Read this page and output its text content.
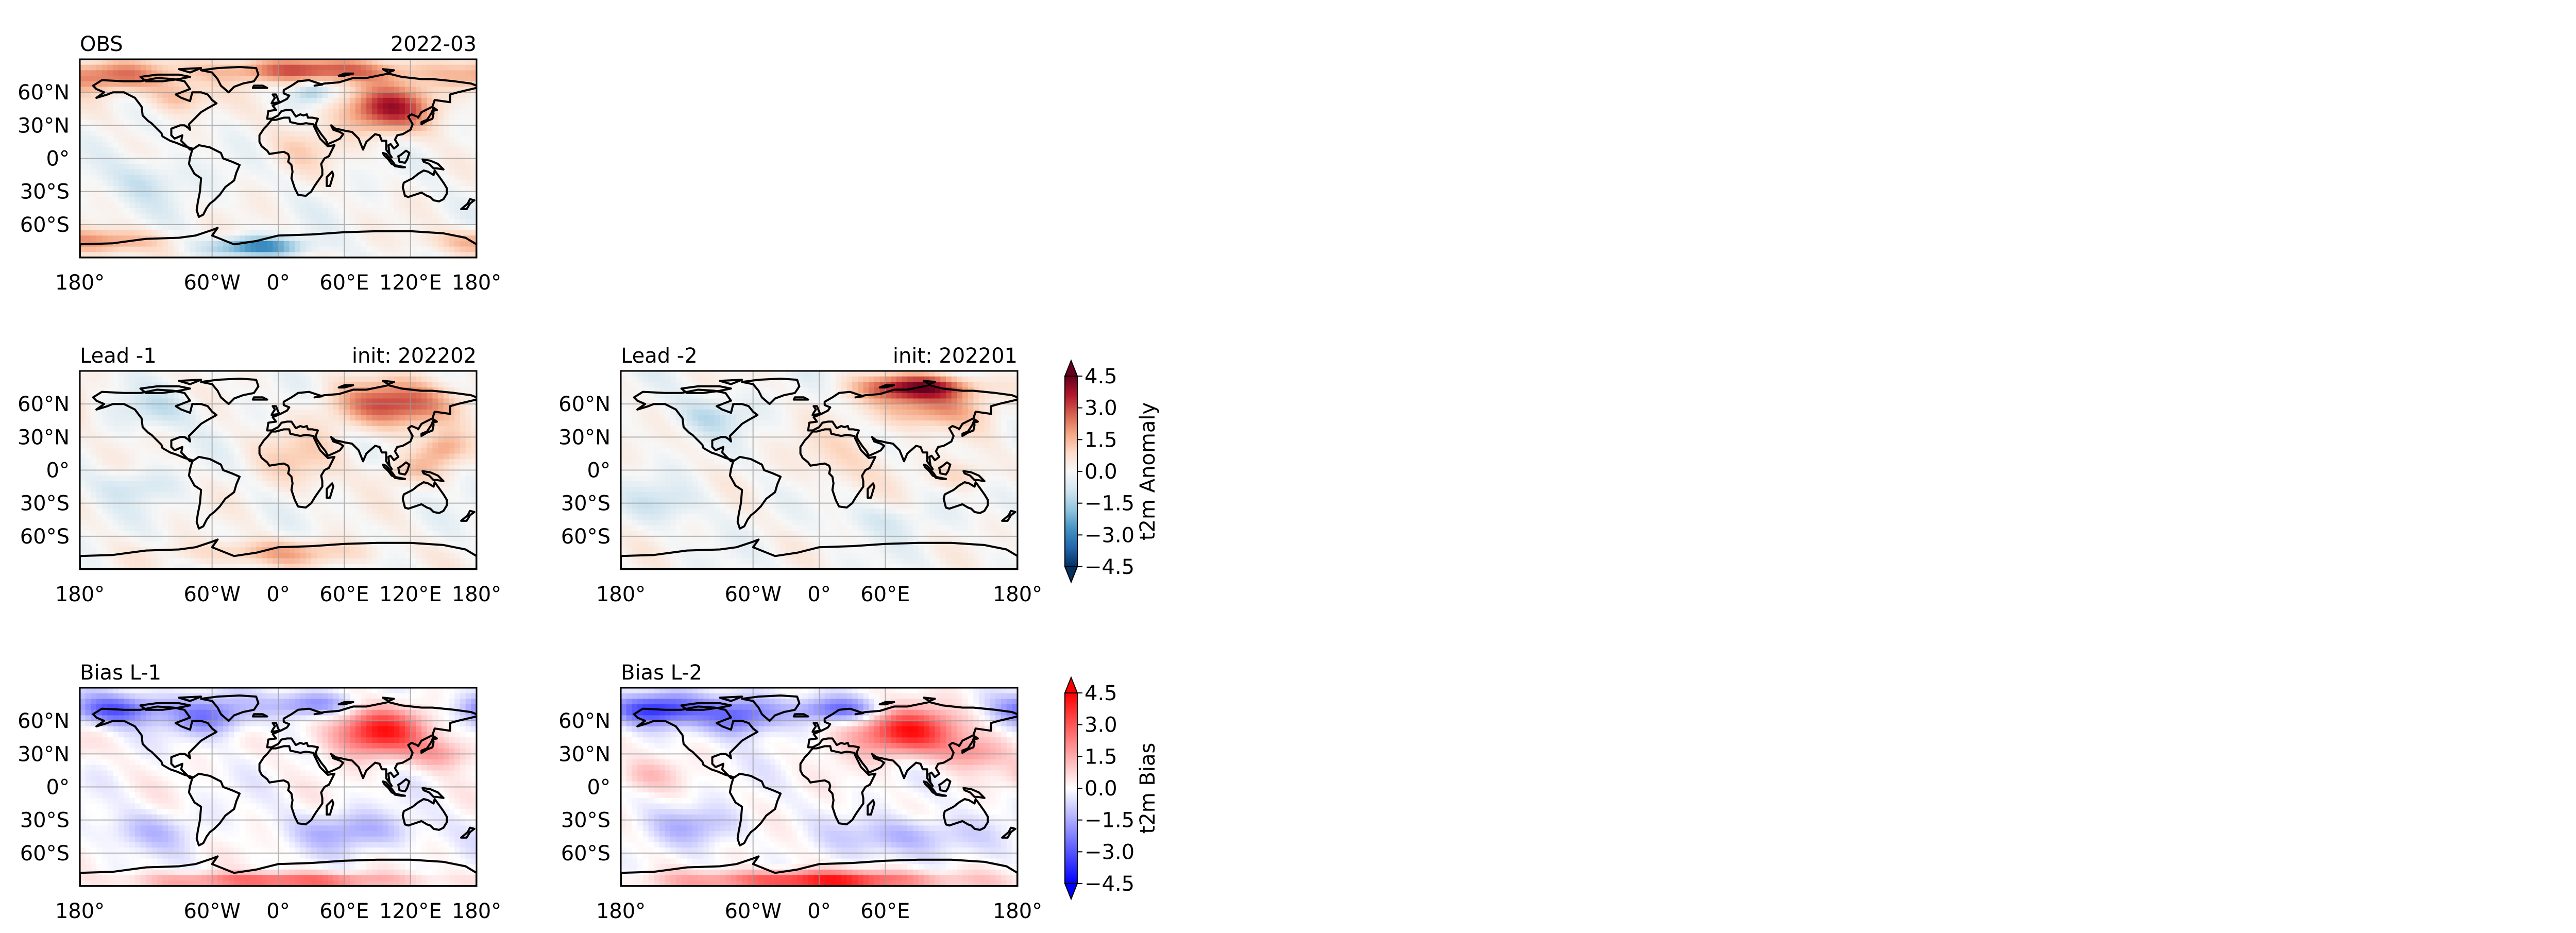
OBS	2022-03
60°N
30°N
0°
30°S
60°S
180°	60°W 0° 60°E 120°E 180°
Lead -1	init: 202202
60°N
30°N
0°
30°S
60°S
180°	60°W 0° 60°E 120°E 180°
Lead -2	init: 202201
60°N
30°N
0°
30°S
60°S
180°	60°W 0° 60°E	180°
Bias L-1
60°N
30°N
0°
30°S
60°S
180°	60°W 0° 60°E 120°E 180°
Bias L-2
60°N
30°N
0°
30°S
60°S
180°	60°W 0° 60°E	180°
4.5
3.0
1.5
0.0
−1.5
−3.0
−4.5
t2m Anomaly
4.5
3.0
1.5
0.0
−1.5
−3.0
−4.5
t2m Bias
